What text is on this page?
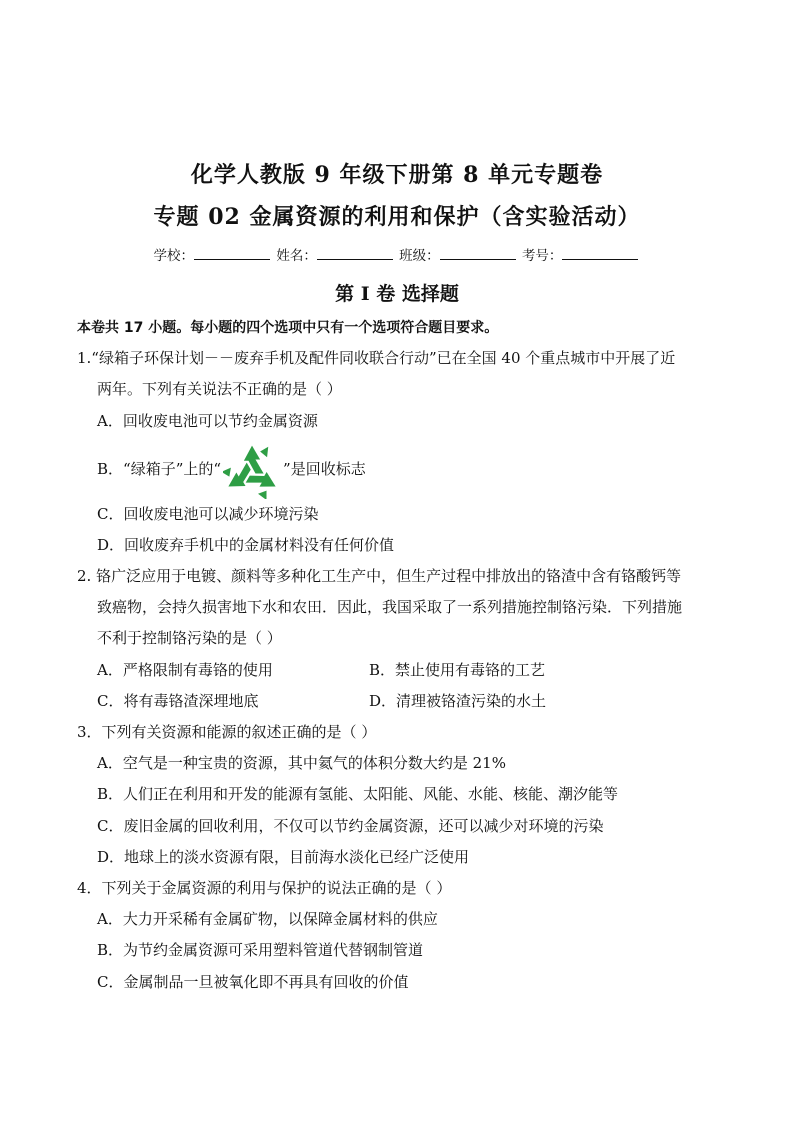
化学人教版 9 年级下册第 8 单元专题卷
专题 02 金属资源的利用和保护（含实验活动）
学校：	姓名：	班级：	考号：
第 I 卷 选择题
本卷共 17 小题。每小题的四个选项中只有一个选项符合题目要求。
1.“绿箱子环保计划－－废弃手机及配件同收联合行动”已在全国 40 个重点城市中开展了近
两年。下列有关说法不正确的是（ ）
A．回收废电池可以节约金属资源
B．“绿箱子”上的“	”是回收标志
C．回收废电池可以减少环境污染
D．回收废弃手机中的金属材料没有任何价值
2. 铬广泛应用于电镀、颜料等多种化工生产中，但生产过程中排放出的铬渣中含有铬酸钙等
致癌物，会持久损害地下水和农田．因此，我国采取了一系列措施控制铬污染．下列措施
不利于控制铬污染的是（ ）
A．严格限制有毒铬的使用	B．禁止使用有毒铬的工艺
C．将有毒铬渣深埋地底	D．清理被铬渣污染的水土
3．下列有关资源和能源的叙述正确的是（ ）
A．空气是一种宝贵的资源，其中氦气的体积分数大约是 21%
B．人们正在利用和开发的能源有氢能、太阳能、风能、水能、核能、潮汐能等
C．废旧金属的回收利用，不仅可以节约金属资源，还可以减少对环境的污染
D．地球上的淡水资源有限，目前海水淡化已经广泛使用
4．下列关于金属资源的利用与保护的说法正确的是（ ）
A．大力开采稀有金属矿物，以保障金属材料的供应
B．为节约金属资源可采用塑料管道代替钢制管道
C．金属制品一旦被氧化即不再具有回收的价值
